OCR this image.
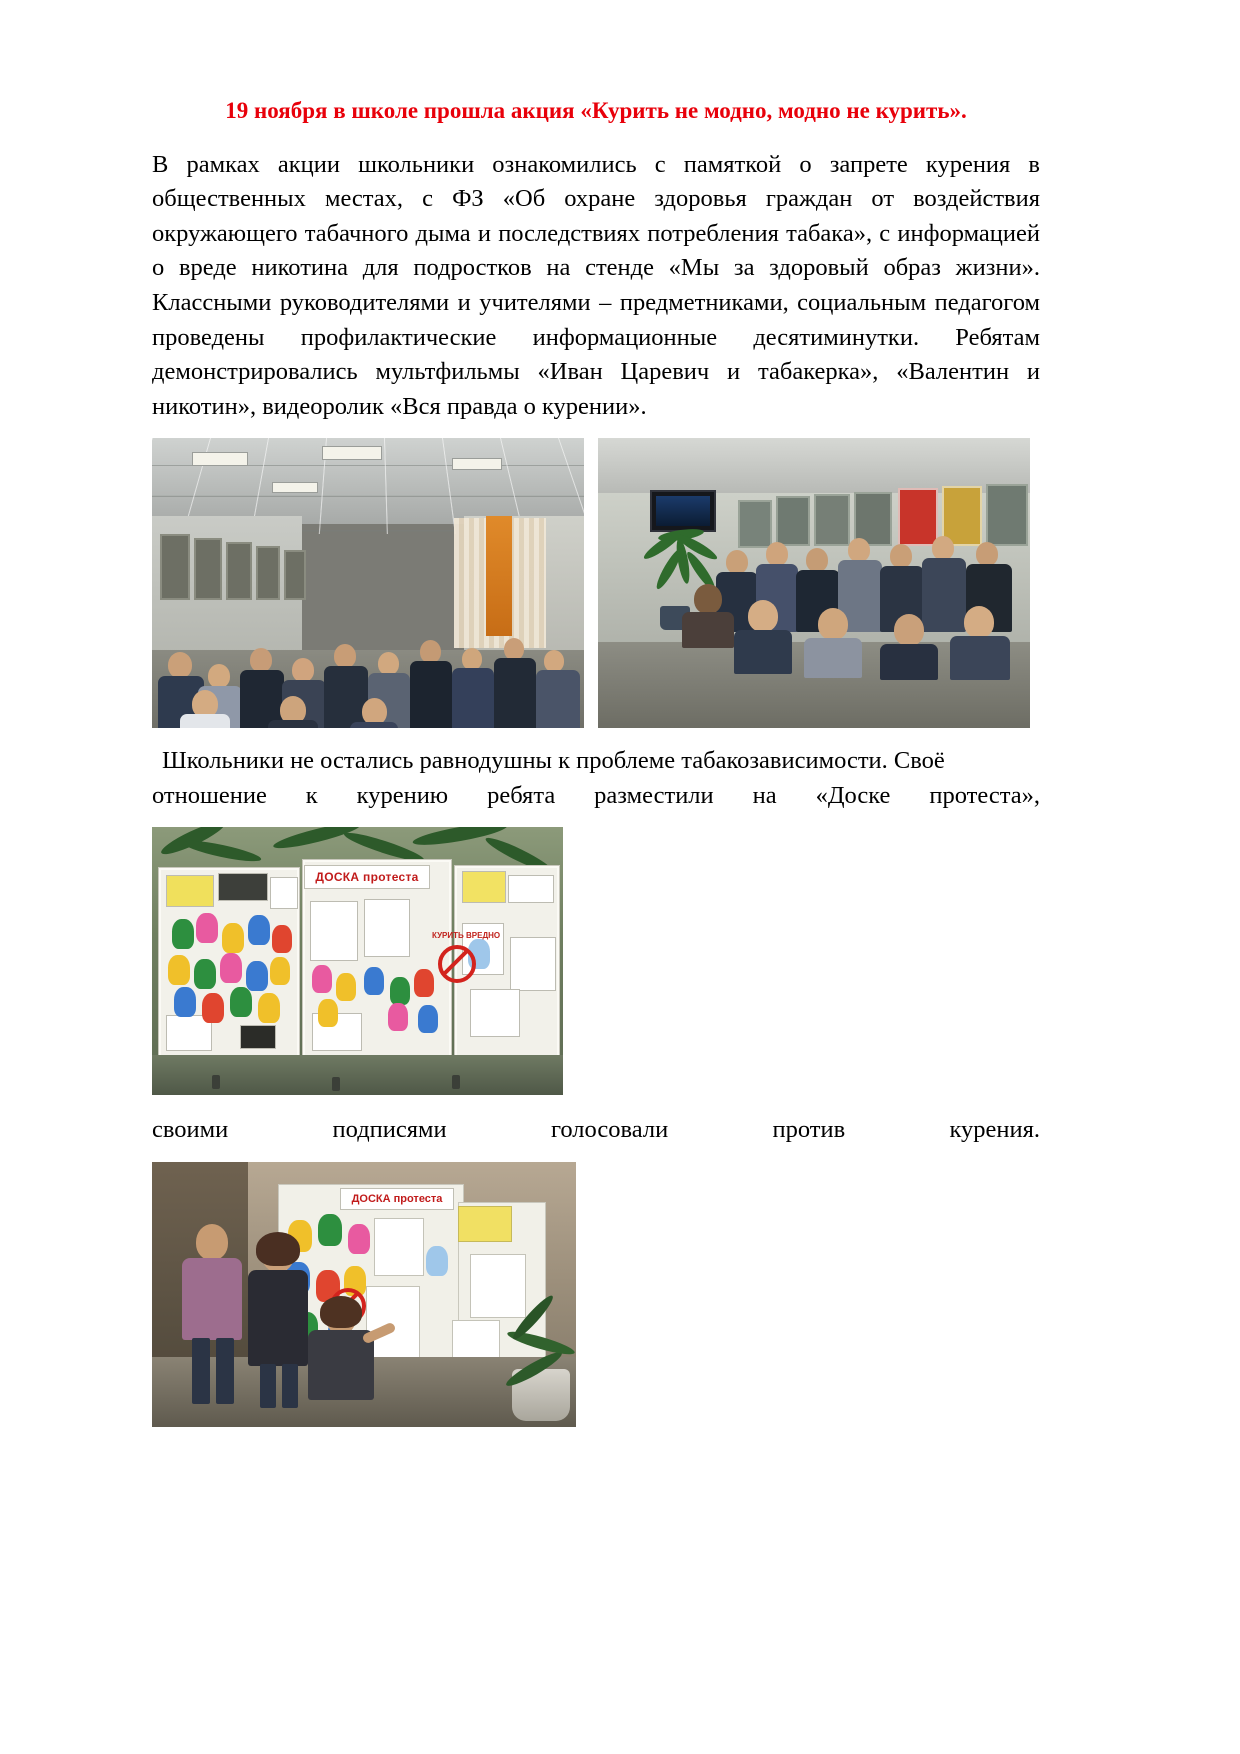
19 ноября в школе прошла акция «Курить не модно, модно не курить».

В рамках акции школьники ознакомились с памяткой о запрете курения в общественных местах, с ФЗ «Об охране здоровья граждан от воздействия окружающего табачного дыма и последствиях потребления табака», с информацией о вреде никотина для подростков на стенде «Мы за здоровый образ жизни». Классными руководителями и учителями – предметниками, социальным педагогом проведены профилактические информационные десятиминутки. Ребятам демонстрировались мультфильмы «Иван Царевич и табакерка», «Валентин и никотин», видеоролик «Вся правда о курении».

Школьники не остались равнодушны к проблеме табакозависимости. Своё

отношение к курению ребята разместили на «Доске протеста»,
ДОСКА протеста
КУРИТЬ ВРЕДНО
своими	подписями	голосовали	против	курения.
ДОСКА протеста
